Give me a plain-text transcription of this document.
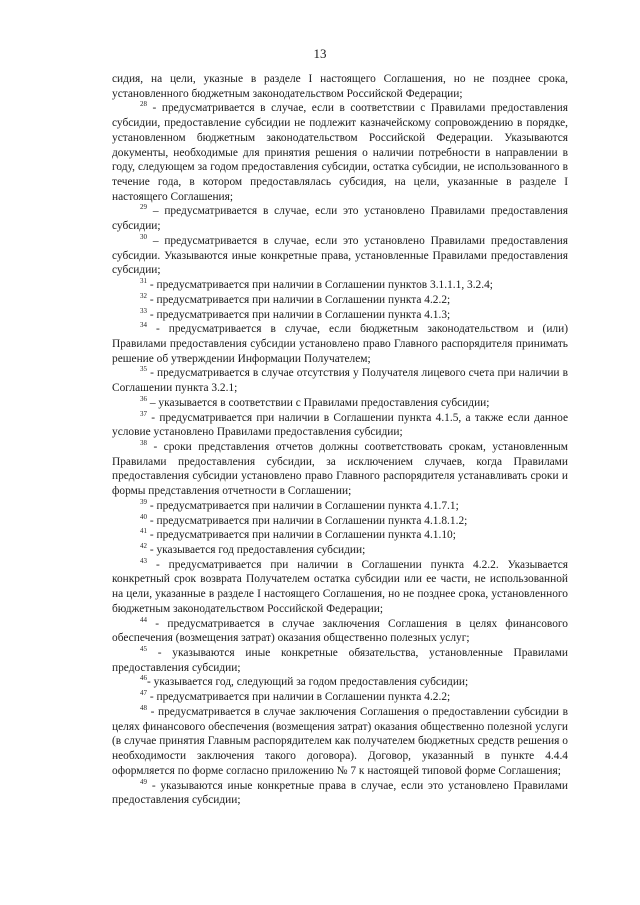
13

сидия, на цели, указные в разделе I настоящего Соглашения, но не позднее срока, установленного бюджетным законодательством Российской Федерации;

$^{28}$ - предусматривается в случае, если в соответствии с Правилами предоставления субсидии, предоставление субсидии не подлежит казначейскому сопровождению в порядке, установленном бюджетным законодательством Российской Федерации. Указываются документы, необходимые для принятия решения о наличии потребности в направлении в году, следующем за годом предоставления субсидии, остатка субсидии, не использованного в течение года, в котором предоставлялась субсидия, на цели, указанные в разделе I настоящего Соглашения;

$^{29}$ – предусматривается в случае, если это установлено Правилами предоставления субсидии;

$^{30}$ – предусматривается в случае, если это установлено Правилами предоставления субсидии. Указываются иные конкретные права, установленные Правилами предоставления субсидии;

$^{31}$ - предусматривается при наличии в Соглашении пунктов 3.1.1.1, 3.2.4;

$^{32}$ - предусматривается при наличии в Соглашении пункта 4.2.2;

$^{33}$ - предусматривается при наличии в Соглашении пункта 4.1.3;

$^{34}$ - предусматривается в случае, если бюджетным законодательством и (или) Правилами предоставления субсидии установлено право Главного распорядителя принимать решение об утверждении Информации Получателем;

$^{35}$ - предусматривается в случае отсутствия у Получателя лицевого счета при наличии в Соглашении пункта 3.2.1;

$^{36}$ – указывается в соответствии с Правилами предоставления субсидии;

$^{37}$ - предусматривается при наличии в Соглашении пункта 4.1.5, а также если данное условие установлено Правилами предоставления субсидии;

$^{38}$ - сроки представления отчетов должны соответствовать срокам, установленным Правилами предоставления субсидии, за исключением случаев, когда Правилами предоставления субсидии установлено право Главного распорядителя устанавливать сроки и формы представления отчетности в Соглашении;

$^{39}$ - предусматривается при наличии в Соглашении пункта 4.1.7.1;

$^{40}$ - предусматривается при наличии в Соглашении пункта 4.1.8.1.2;

$^{41}$ - предусматривается при наличии в Соглашении пункта 4.1.10;

$^{42}$ - указывается год предоставления субсидии;

$^{43}$ - предусматривается при наличии в Соглашении пункта 4.2.2. Указывается конкретный срок возврата Получателем остатка субсидии или ее части, не использованной на цели, указанные в разделе I настоящего Соглашения, но не позднее срока, установленного бюджетным законодательством Российской Федерации;

$^{44}$ - предусматривается в случае заключения Соглашения в целях финансового обеспечения (возмещения затрат) оказания общественно полезных услуг;

$^{45}$ - указываются иные конкретные обязательства, установленные Правилами предоставления субсидии;

$^{46}$- указывается год, следующий за годом предоставления субсидии;

$^{47}$ - предусматривается при наличии в Соглашении пункта 4.2.2;

$^{48}$ - предусматривается в случае заключения Соглашения о предоставлении субсидии в целях финансового обеспечения (возмещения затрат) оказания общественно полезной услуги (в случае принятия Главным распорядителем как получателем бюджетных средств решения о необходимости заключения такого договора). Договор, указанный в пункте 4.4.4 оформляется по форме согласно приложению № 7 к настоящей типовой форме Соглашения;

$^{49}$ - указываются иные конкретные права в случае, если это установлено Правилами предоставления субсидии;
